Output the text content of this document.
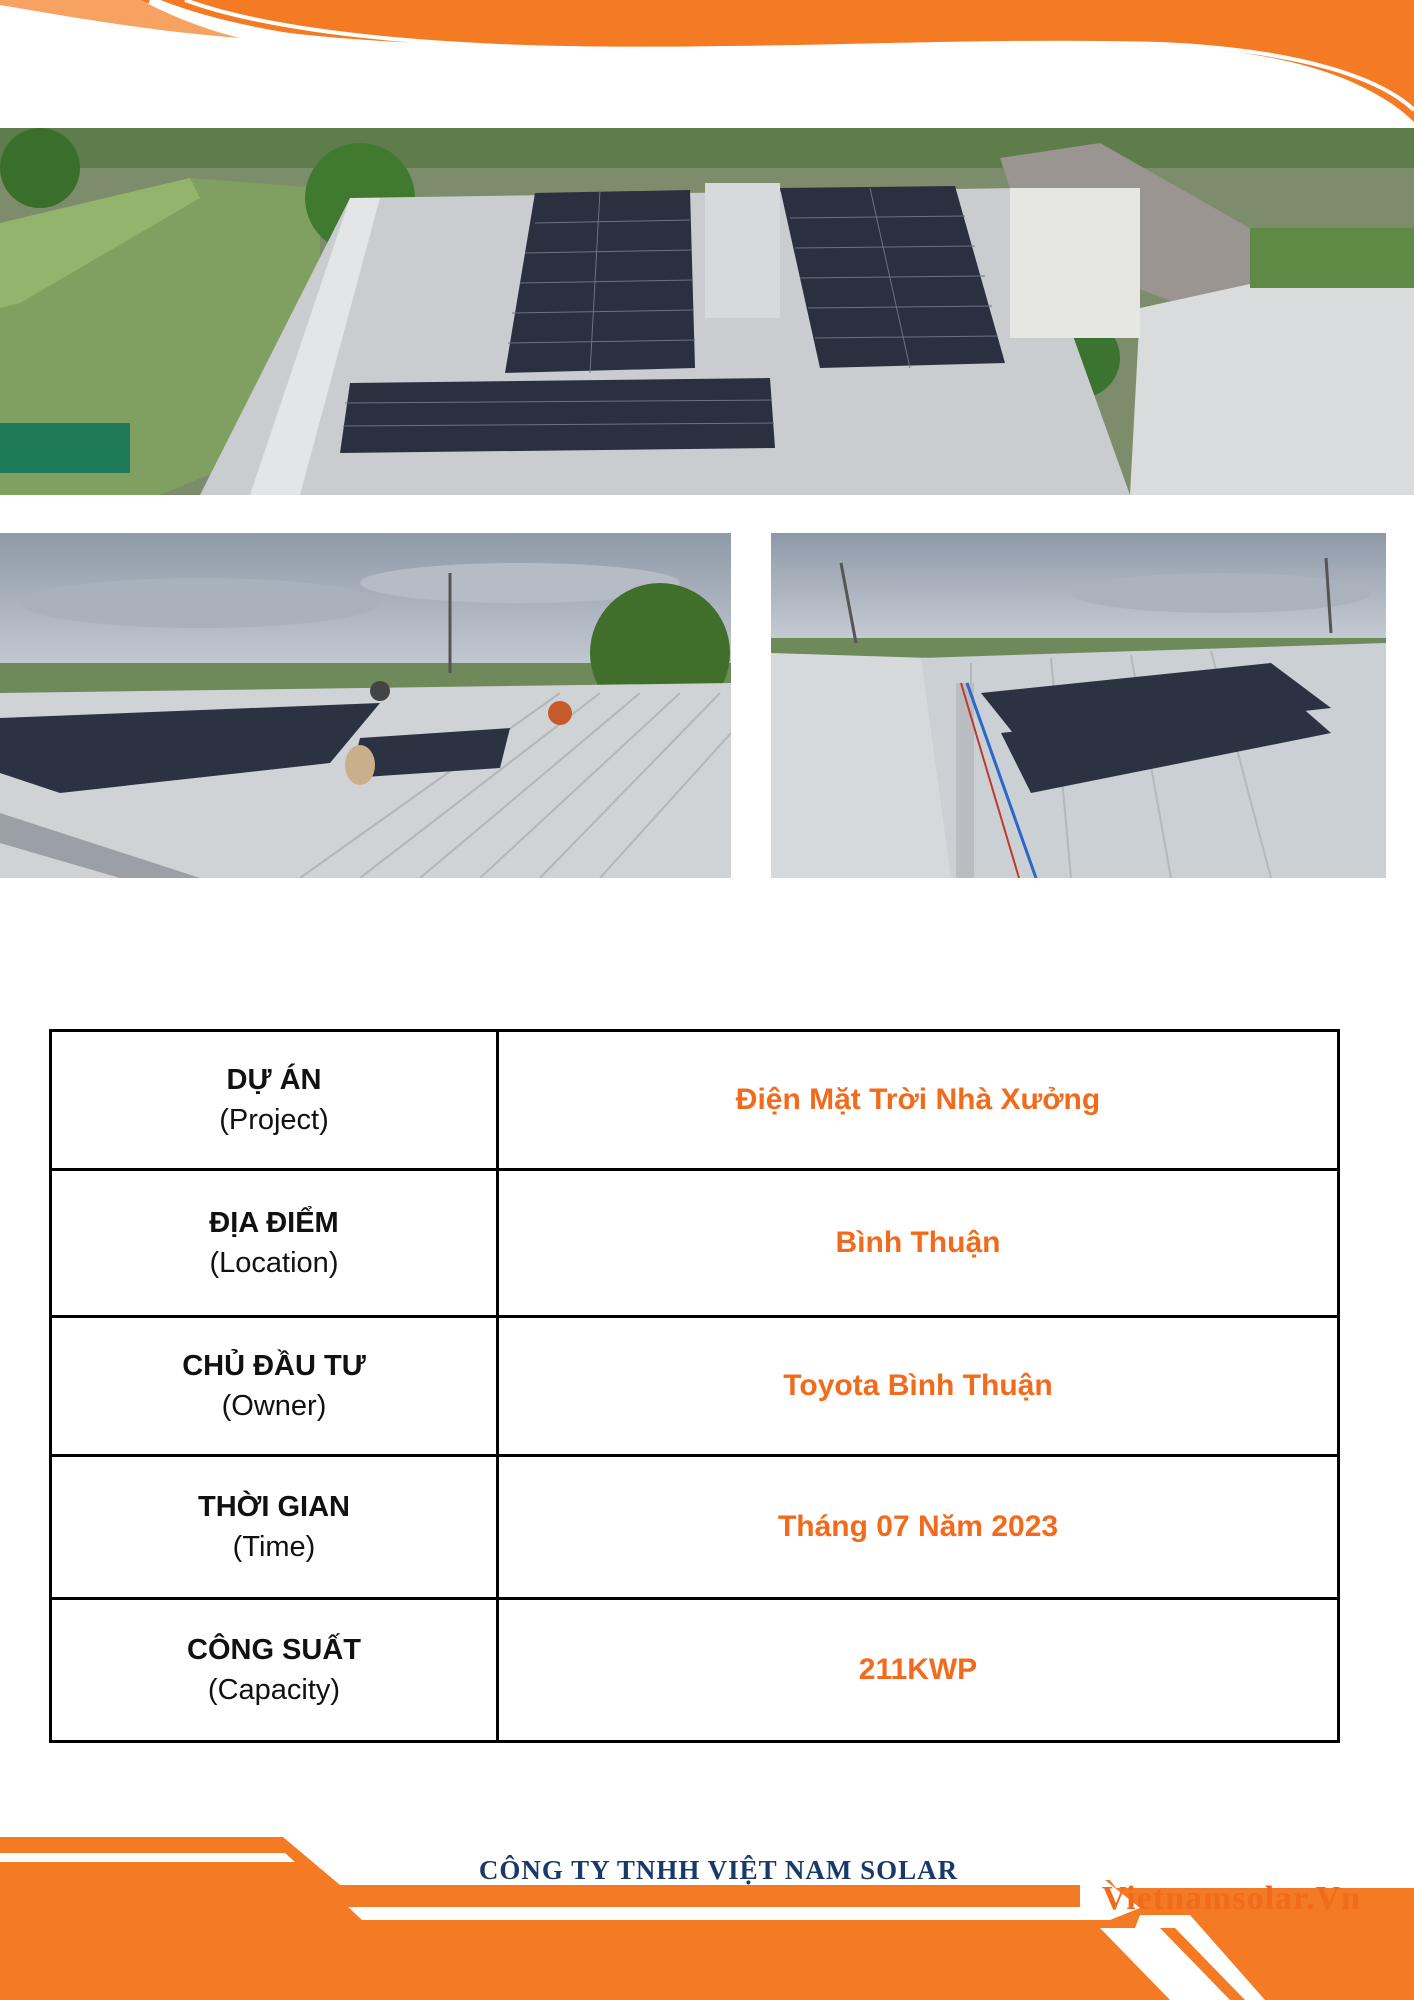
DỰ ÁN
(Project)	Điện Mặt Trời Nhà Xưởng

ĐỊA ĐIỂM
(Location)	Bình Thuận

CHỦ ĐẦU TƯ
(Owner)	Toyota Bình Thuận

THỜI GIAN
(Time)	Tháng 07 Năm 2023

CÔNG SUẤT
(Capacity)	211KWP
CÔNG TY TNHH VIỆT NAM SOLAR
Vietnamsolar.Vn
